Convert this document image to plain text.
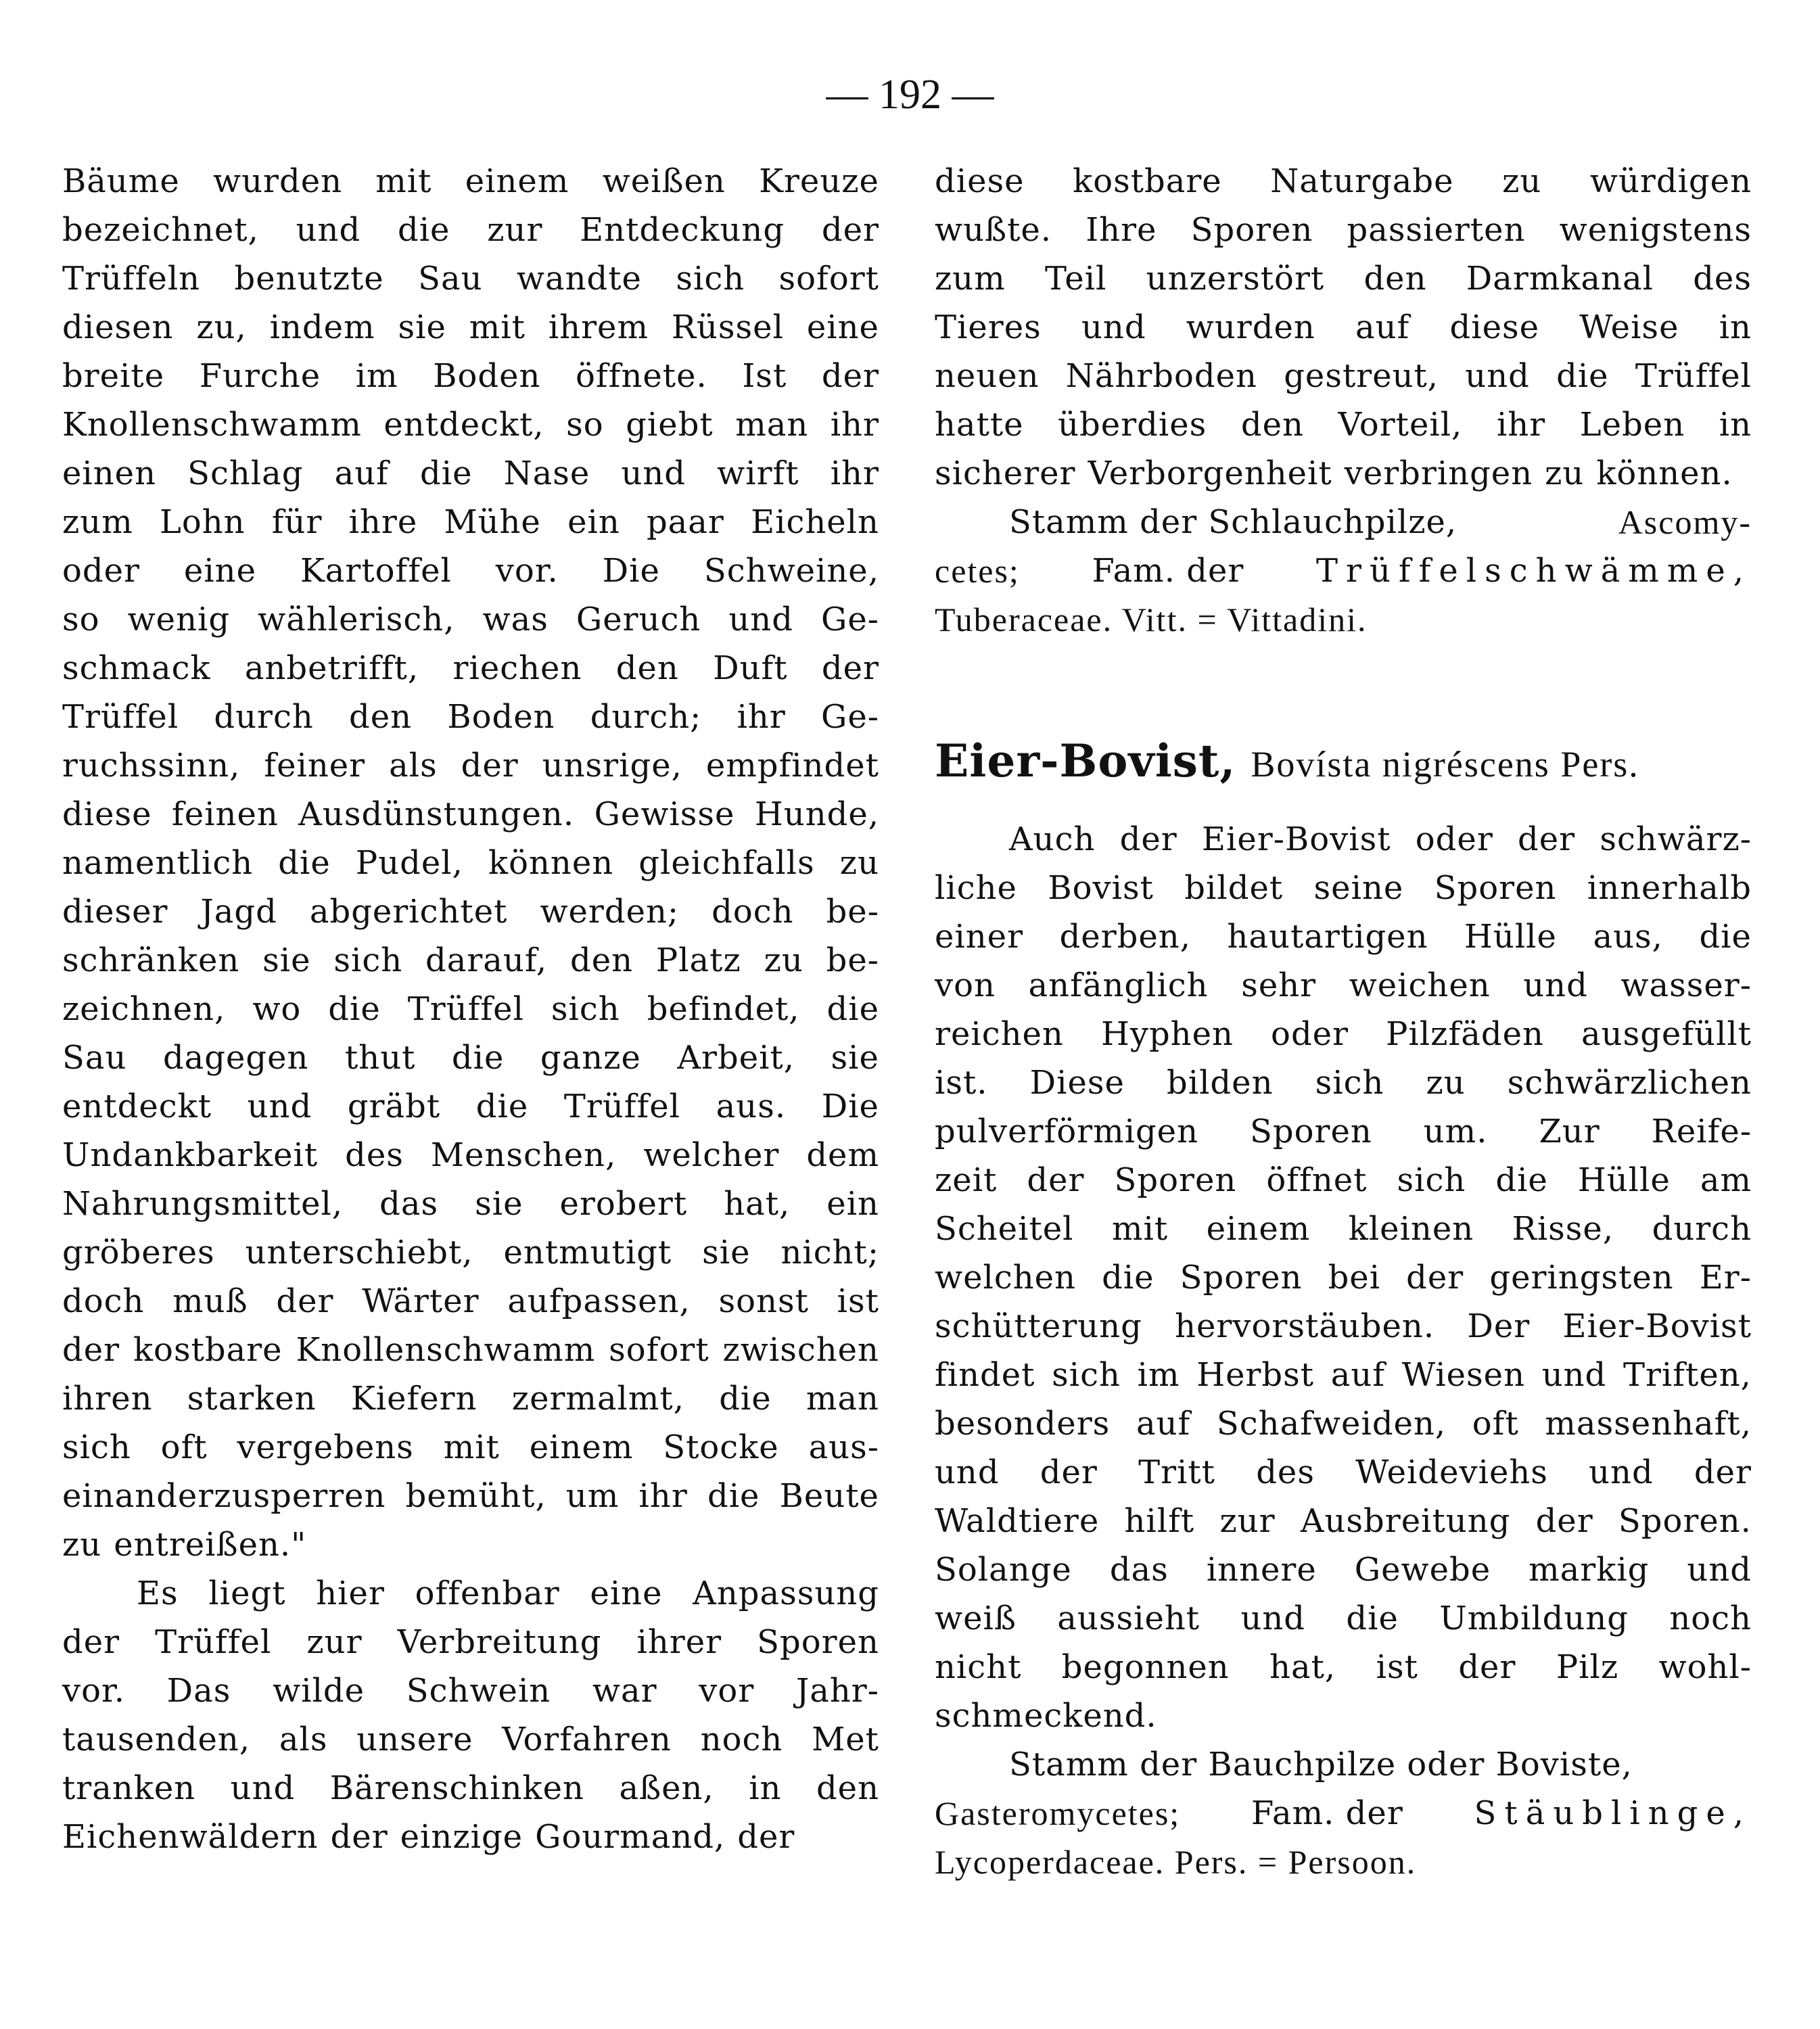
— 192 —
Bäume wurden mit einem weißen Kreuze
bezeichnet, und die zur Entdeckung der
Trüffeln benutzte Sau wandte sich sofort
diesen zu, indem sie mit ihrem Rüssel eine
breite Furche im Boden öffnete. Ist der
Knollenschwamm entdeckt, so giebt man ihr
einen Schlag auf die Nase und wirft ihr
zum Lohn für ihre Mühe ein paar Eicheln
oder eine Kartoffel vor. Die Schweine,
so wenig wählerisch, was Geruch und Ge-
schmack anbetrifft, riechen den Duft der
Trüffel durch den Boden durch; ihr Ge-
ruchssinn, feiner als der unsrige, empfindet
diese feinen Ausdünstungen. Gewisse Hunde,
namentlich die Pudel, können gleichfalls zu
dieser Jagd abgerichtet werden; doch be-
schränken sie sich darauf, den Platz zu be-
zeichnen, wo die Trüffel sich befindet, die
Sau dagegen thut die ganze Arbeit, sie
entdeckt und gräbt die Trüffel aus. Die
Undankbarkeit des Menschen, welcher dem
Nahrungsmittel, das sie erobert hat, ein
gröberes unterschiebt, entmutigt sie nicht;
doch muß der Wärter aufpassen, sonst ist
der kostbare Knollenschwamm sofort zwischen
ihren starken Kiefern zermalmt, die man
sich oft vergebens mit einem Stocke aus-
einanderzusperren bemüht, um ihr die Beute
zu entreißen."
Es liegt hier offenbar eine Anpassung
der Trüffel zur Verbreitung ihrer Sporen
vor. Das wilde Schwein war vor Jahr-
tausenden, als unsere Vorfahren noch Met
tranken und Bärenschinken aßen, in den
Eichenwäldern der einzige Gourmand, der
diese kostbare Naturgabe zu würdigen
wußte. Ihre Sporen passierten wenigstens
zum Teil unzerstört den Darmkanal des
Tieres und wurden auf diese Weise in
neuen Nährboden gestreut, und die Trüffel
hatte überdies den Vorteil, ihr Leben in
sicherer Verborgenheit verbringen zu können.
Stamm der Schlauchpilze,	Ascomy-
cetes; Fam. der Trüffelschwämme,
Tuberaceae. Vitt. = Vittadini.
Eier-Bovist, Bovísta nigréscens Pers.
Auch der Eier-Bovist oder der schwärz-
liche Bovist bildet seine Sporen innerhalb
einer derben, hautartigen Hülle aus, die
von anfänglich sehr weichen und wasser-
reichen Hyphen oder Pilzfäden ausgefüllt
ist. Diese bilden sich zu schwärzlichen
pulverförmigen Sporen um. Zur Reife-
zeit der Sporen öffnet sich die Hülle am
Scheitel mit einem kleinen Risse, durch
welchen die Sporen bei der geringsten Er-
schütterung hervorstäuben. Der Eier-Bovist
findet sich im Herbst auf Wiesen und Triften,
besonders auf Schafweiden, oft massenhaft,
und der Tritt des Weideviehs und der
Waldtiere hilft zur Ausbreitung der Sporen.
Solange das innere Gewebe markig und
weiß aussieht und die Umbildung noch
nicht begonnen hat, ist der Pilz wohl-
schmeckend.
Stamm der Bauchpilze oder Boviste,
Gasteromycetes; Fam. der Stäublinge,
Lycoperdaceae. Pers. = Persoon.
